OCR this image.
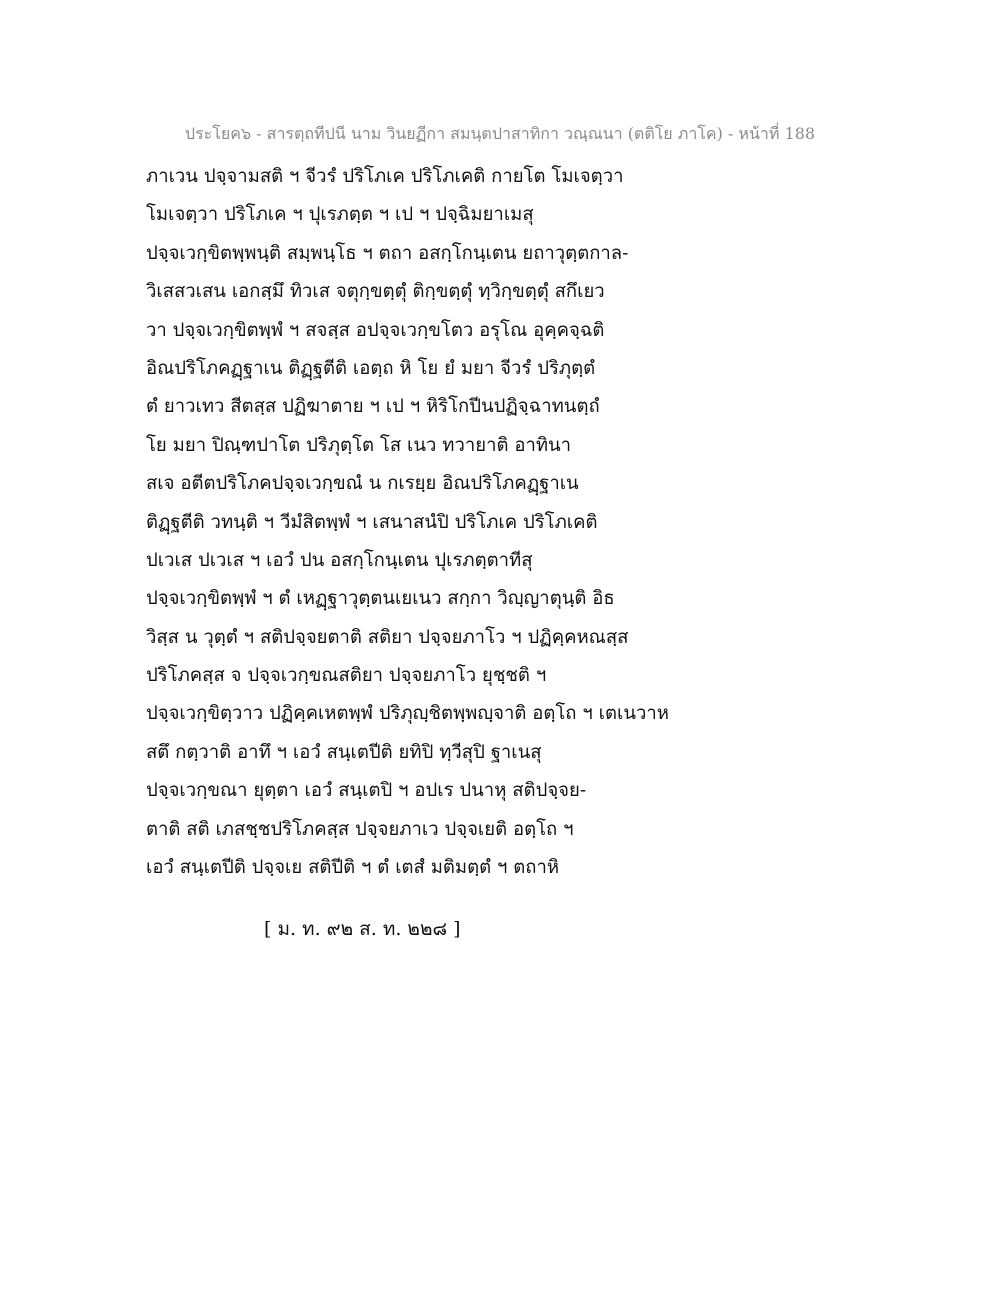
ประโยค๖ - สารตฺถทีปนี นาม วินยฏีกา สมนฺตปาสาทิกา วณฺณนา (ตติโย ภาโค) - หน้าที่ 188
ภาเวน ปจฺจามสติ ฯ จีวรํ ปริโภเค ปริโภเคติ กายโต โมเจตฺวา
โมเจตฺวา ปริโภเค ฯ ปุเรภตฺต ฯ เป ฯ ปจฺฉิมยาเมสุ
ปจฺจเวกฺขิตพฺพนฺติ สมฺพนฺโธ ฯ ตถา อสกฺโกนฺเตน ยถาวุตฺตกาล-
วิเสสวเสน เอกสฺมึ ทิวเส จตุกฺขตฺตุํ ติกฺขตฺตุํ ทฺวิกฺขตฺตุํ สกึเยว
วา ปจฺจเวกฺขิตพฺพํ ฯ สจสฺส อปจฺจเวกฺขโตว อรุโณ อุคฺคจฺฉติ
อิณปริโภคฏฺฐาเน ติฏฺฐตีติ เอตฺถ หิ โย ยํ มยา จีวรํ ปริภุตฺตํ
ตํ ยาวเทว สีตสฺส ปฏิฆาตาย ฯ เป ฯ หิริโกปีนปฏิจฺฉาทนตฺถํ
โย มยา ปิณฺฑปาโต ปริภุตฺโต โส เนว ทวายาติ อาทินา
สเจ อตีตปริโภคปจฺจเวกฺขณํ น กเรยฺย อิณปริโภคฏฺฐาเน
ติฏฺฐตีติ วทนฺติ ฯ วีมํสิตพฺพํ ฯ เสนาสนํปิ ปริโภเค ปริโภเคติ
ปเวเส ปเวเส ฯ เอวํ ปน อสกฺโกนฺเตน ปุเรภตฺตาทีสุ
ปจฺจเวกฺขิตพฺพํ ฯ ตํ เหฏฺฐาวุตฺตนเยเนว สกฺกา วิญฺญาตุนฺติ อิธ
วิสฺส น วุตฺตํ ฯ สติปจฺจยตาติ สติยา ปจฺจยภาโว ฯ ปฏิคฺคหณสฺส
ปริโภคสฺส จ ปจฺจเวกฺขณสติยา ปจฺจยภาโว ยุชฺชติ ฯ
ปจฺจเวกฺขิตฺวาว ปฏิคฺคเหตพฺพํ ปริภุญฺชิตพฺพญฺจาติ อตฺโถ ฯ เตเนวาห
สตึ กตฺวาติ อาทึ ฯ เอวํ สนฺเตปีติ ยทิปิ ทฺวีสุปิ ฐาเนสุ
ปจฺจเวกฺขณา ยุตฺตา เอวํ สนฺเตปิ ฯ อปเร ปนาหุ สติปจฺจย-
ตาติ สติ เภสชฺชปริโภคสฺส ปจฺจยภาเว ปจฺจเยติ อตฺโถ ฯ
เอวํ สนฺเตปีติ ปจฺจเย สติปีติ ฯ ตํ เตสํ มติมตฺตํ ฯ ตถาหิ
[ ม. ท. ๙๒ ส. ท. ๒๒๘ ]
